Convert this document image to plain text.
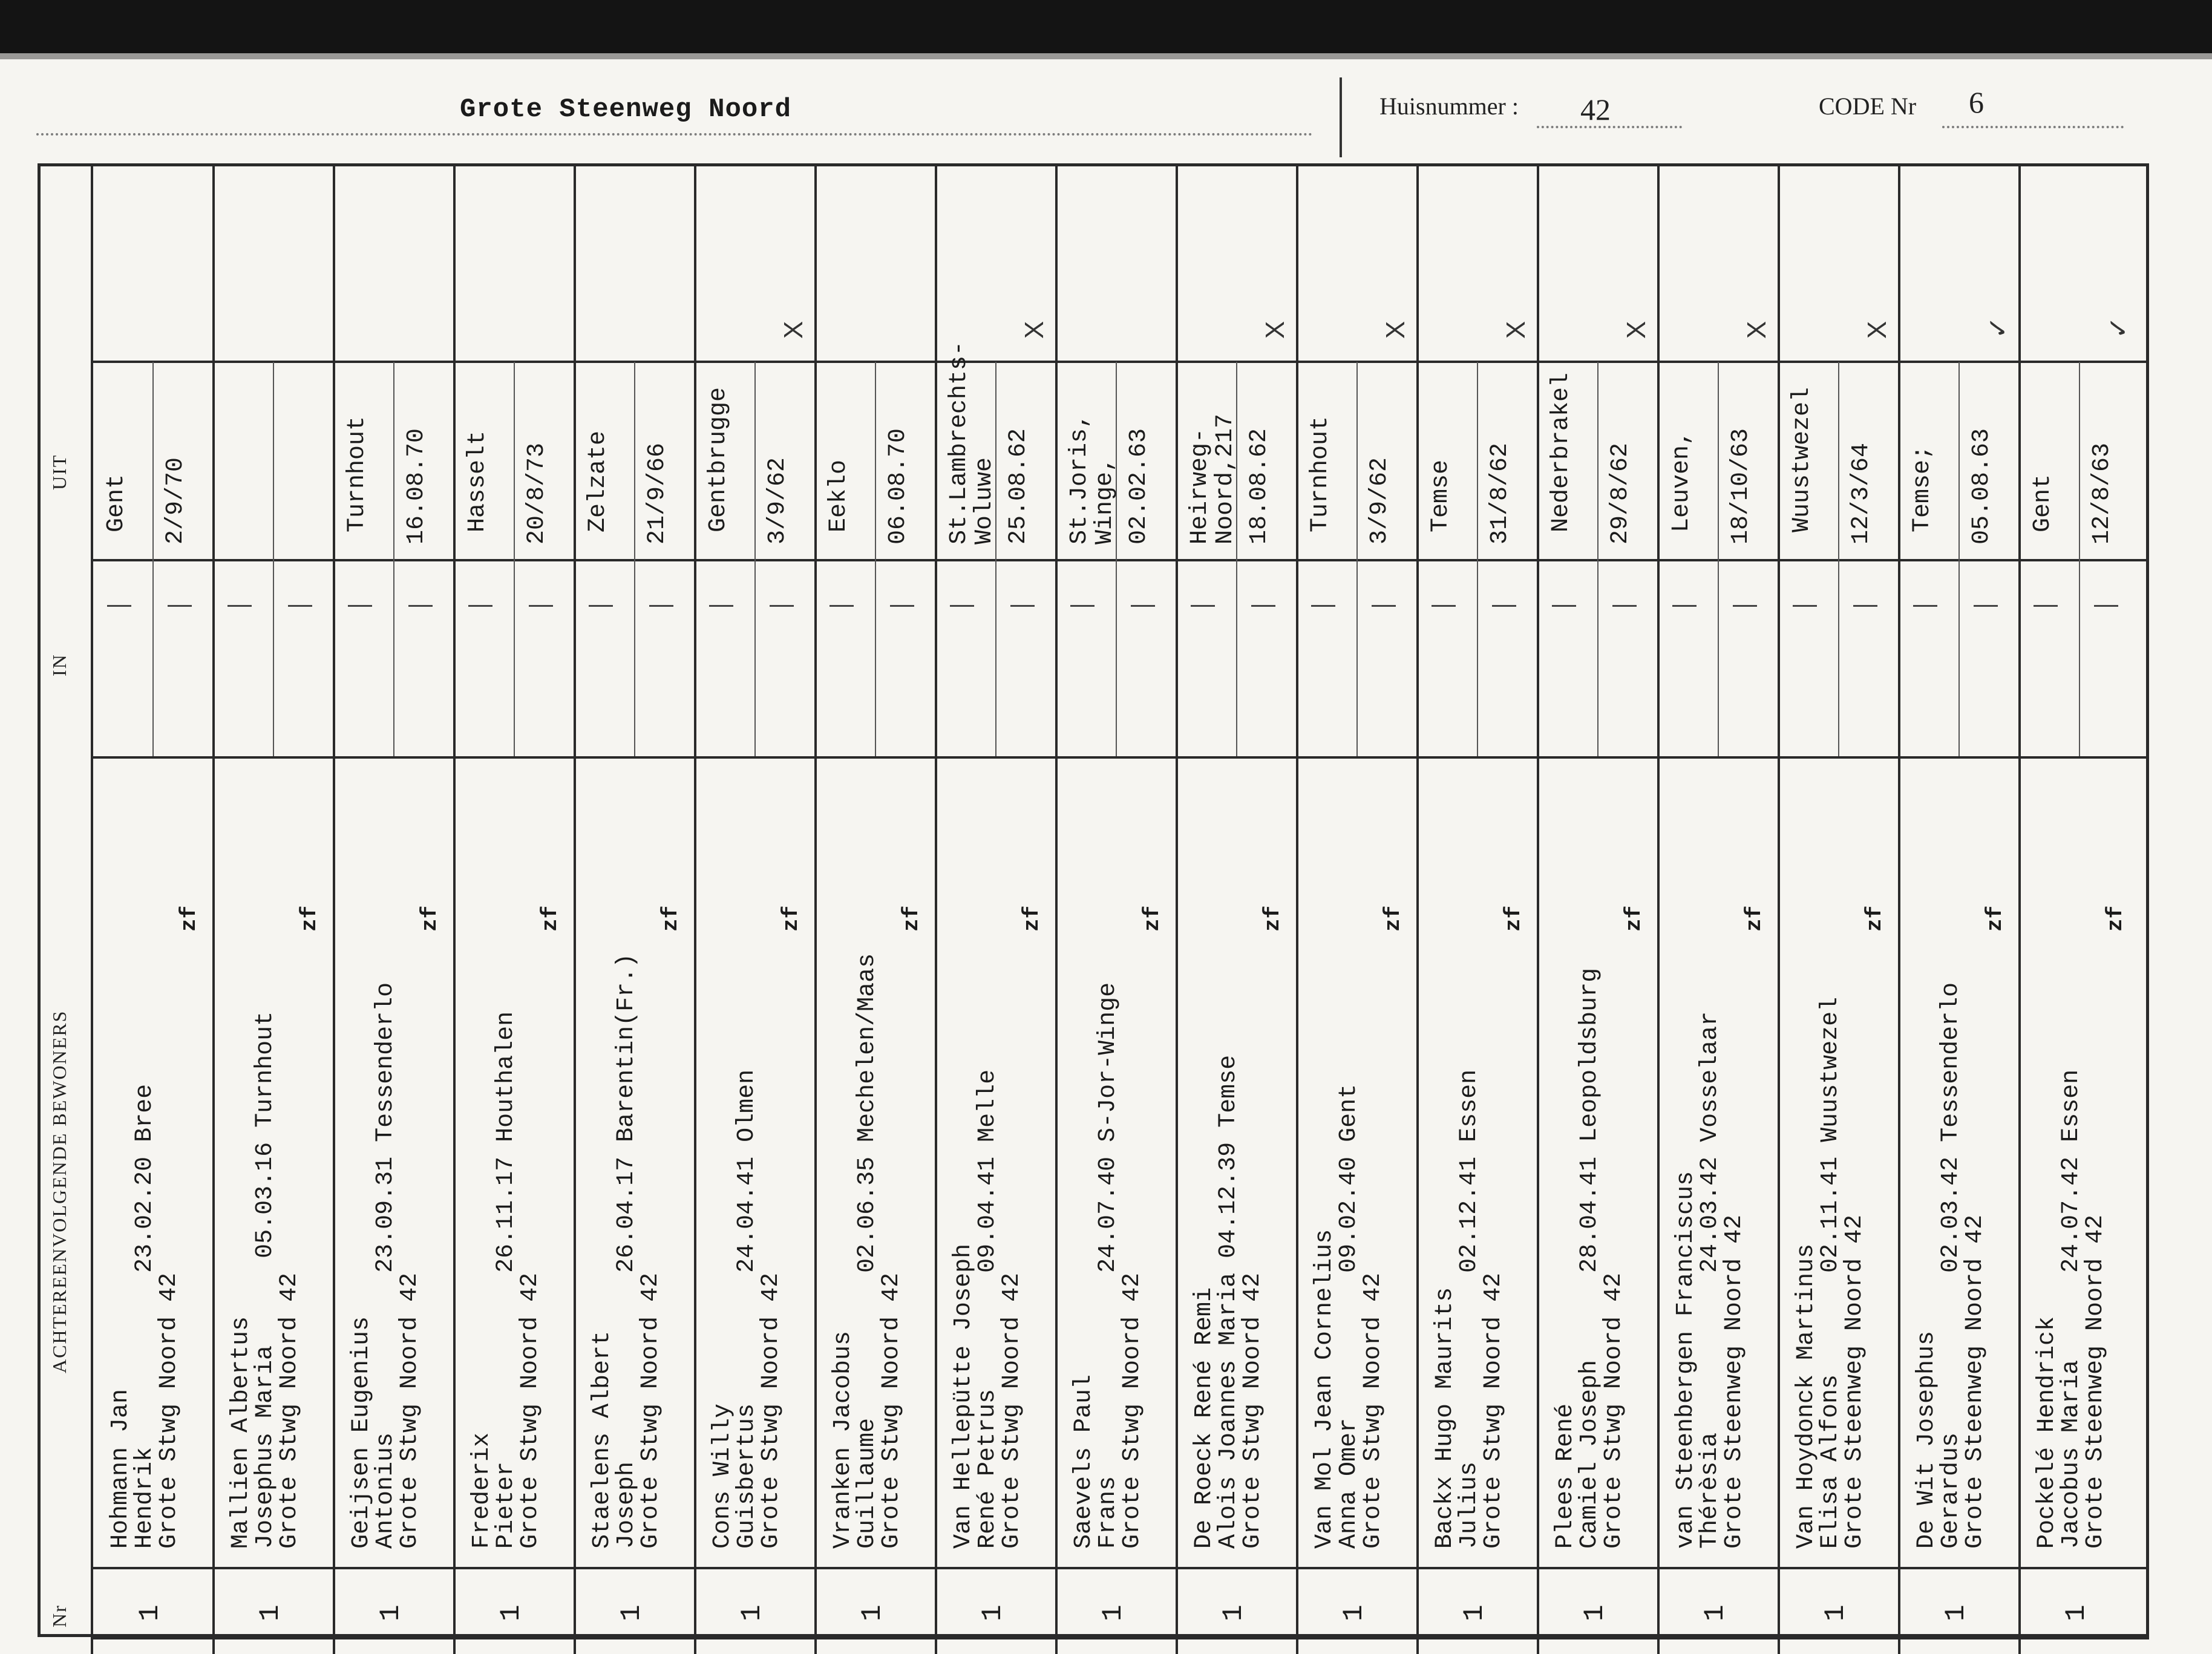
Grote Steenweg Noord	Huisnummer : 42	CODE Nr 6
UIT
IN
ACHTEREENVOLGENDE BEWONERS
Nr
Gent 2/9/70
zf
Hohmann Jan
Hendrik            23.02.20 Bree
Grote Stwg Noord 42
1
zf
Mallien Albertus
Josephus Maria      05.03.16 Turnhout
Grote Stwg Noord 42
1
Turnhout 16.08.70
zf
Geijsen Eugenius
Antonius           23.09.31 Tessenderlo
Grote Stwg Noord 42
1
Hasselt 20/8/73
zf
Frederix
Pieter             26.11.17 Houthalen
Grote Stwg Noord 42
1
Zelzate 21/9/66
zf
Staelens Albert
Joseph             26.04.17 Barentin(Fr.)
Grote Stwg Noord 42
1
Gentbrugge 3/9/62
X
zf
Cons Willy
Guisbertus         24.04.41 Olmen
Grote Stwg Noord 42
1
Eeklo 06.08.70
zf
Vranken Jacobus
Guillaume          02.06.35 Mechelen/Maas
Grote Stwg Noord 42
1
St.Lambrechts-
Woluwe 25.08.62
X
zf
Van Hellepütte Joseph
René Petrus        09.04.41 Melle
Grote Stwg Noord 42
1
St.Joris,
Winge, 02.02.63
zf
Saevels Paul
Frans              24.07.40 S-Jor-Winge
Grote Stwg Noord 42
1
Heirweg-
Noord,217 18.08.62
X
zf
De Roeck René Remi
Alois Joannes Maria 04.12.39 Temse
Grote Stwg Noord 42
1
Turnhout 3/9/62
X
zf
Van Mol Jean Cornelius
Anna Omer          09.02.40 Gent
Grote Stwg Noord 42
1
Temse 31/8/62
X
zf
Backx Hugo Maurits
Julius             02.12.41 Essen
Grote Stwg Noord 42
1
Nederbrakel 29/8/62
X
zf
Plees René
Camiel Joseph      28.04.41 Leopoldsburg
Grote Stwg Noord 42
1
Leuven, 18/10/63
X
zf
van Steenbergen Franciscus
Thérèsia           24.03.42 Vosselaar
Grote Steenweg Noord 42
1
Wuustwezel 12/3/64
X
zf
Van Hoydonck Martinus
Elisa Alfons       02.11.41 Wuustwezel
Grote Steenweg Noord 42
1
Temse; 05.08.63
✓
zf
De Wit Josephus
Gerardus           02.03.42 Tessenderlo
Grote Steenweg Noord 42
1
Gent 12/8/63
✓
zf
Pockelé Hendrick
Jacobus Maria      24.07.42 Essen
Grote Steenweg Noord 42
1
